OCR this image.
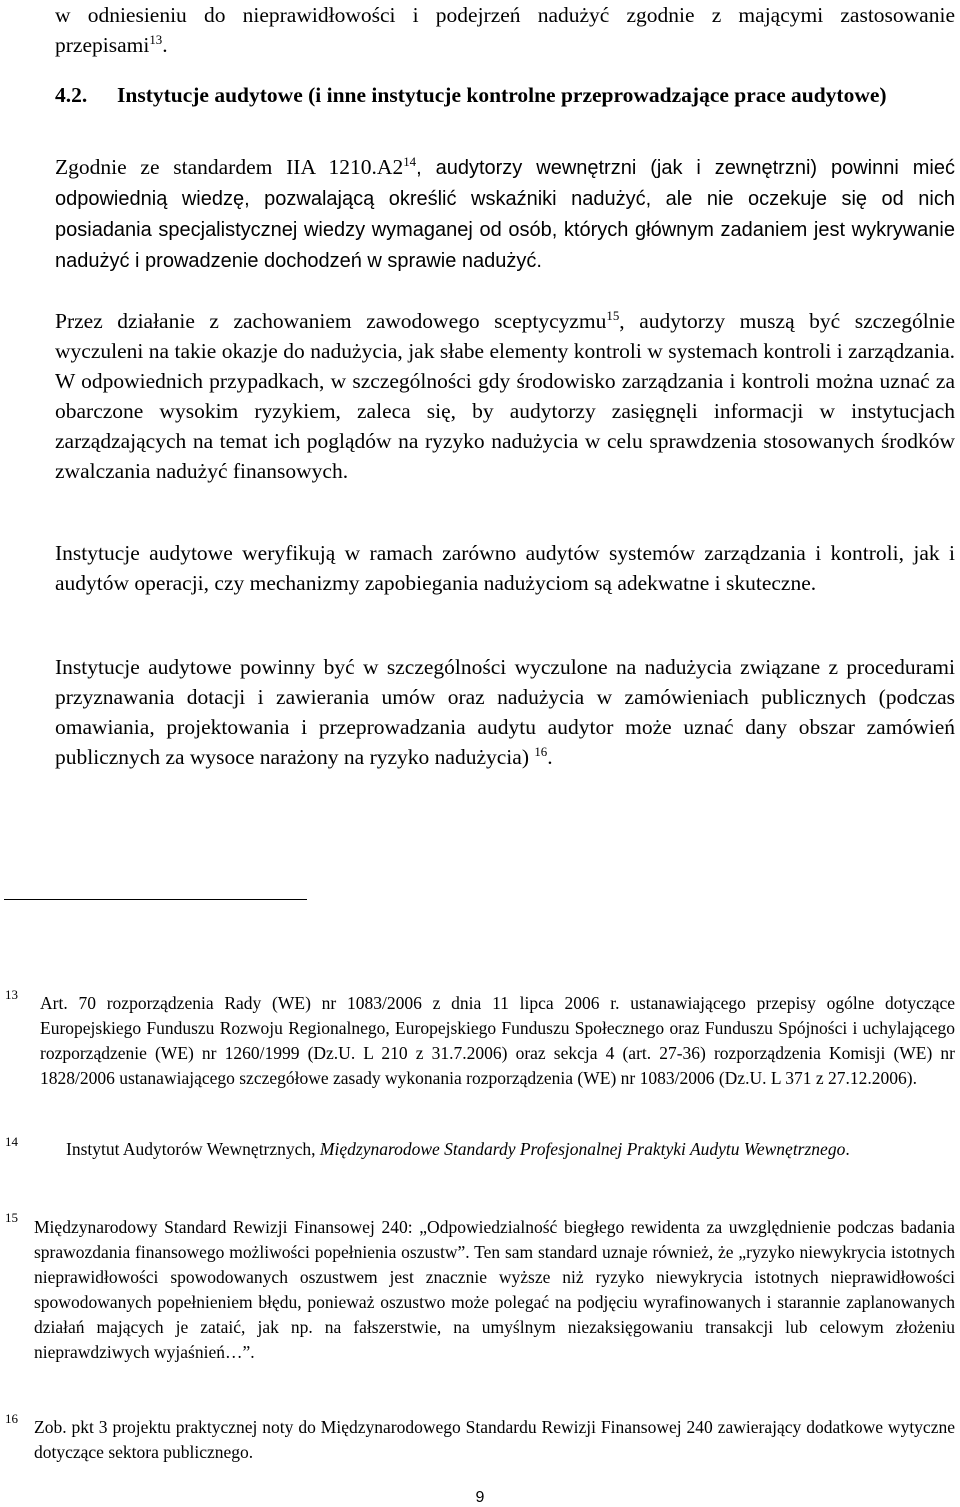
w odniesieniu do nieprawidłowości i podejrzeń nadużyć zgodnie z mającymi zastosowanie przepisami$^{13}$.

4.2. Instytucje audytowe (i inne instytucje kontrolne przeprowadzające prace audytowe)

Zgodnie ze standardem IIA $1210.A2^{14}$, audytorzy wewnętrzni (jak i zewnętrzni) powinni mieć odpowiednią wiedzę, pozwalającą określić wskaźniki nadużyć, ale nie oczekuje się od nich posiadania specjalistycznej wiedzy wymaganej od osób, których głównym zadaniem jest wykrywanie nadużyć i prowadzenie dochodzeń w sprawie nadużyć.

Przez działanie z zachowaniem zawodowego sceptycyzmu$^{15}$, audytorzy muszą być szczególnie wyczuleni na takie okazje do nadużycia, jak słabe elementy kontroli w systemach kontroli i zarządzania. W odpowiednich przypadkach, w szczególności gdy środowisko zarządzania i kontroli można uznać za obarczone wysokim ryzykiem, zaleca się, by audytorzy zasięgnęli informacji w instytucjach zarządzających na temat ich poglądów na ryzyko nadużycia w celu sprawdzenia stosowanych środków zwalczania nadużyć finansowych.

Instytucje audytowe weryfikują w ramach zarówno audytów systemów zarządzania i kontroli, jak i audytów operacji, czy mechanizmy zapobiegania nadużyciom są adekwatne i skuteczne.

Instytucje audytowe powinny być w szczególności wyczulone na nadużycia związane z procedurami przyznawania dotacji i zawierania umów oraz nadużycia w zamówieniach publicznych (podczas omawiania, projektowania i przeprowadzania audytu audytor może uznać dany obszar zamówień publicznych za wysoce narażony na ryzyko nadużycia) $^{16}$.

13 Art. 70 rozporządzenia Rady (WE) nr 1083/2006 z dnia 11 lipca 2006 r. ustanawiającego przepisy ogólne dotyczące Europejskiego Funduszu Rozwoju Regionalnego, Europejskiego Funduszu Społecznego oraz Funduszu Spójności i uchylającego rozporządzenie (WE) nr 1260/1999 (Dz.U. L 210 z 31.7.2006) oraz sekcja 4 (art. 27-36) rozporządzenia Komisji (WE) nr 1828/2006 ustanawiającego szczegółowe zasady wykonania rozporządzenia (WE) nr 1083/2006 (Dz.U. L 371 z 27.12.2006).

14	Instytut Audytorów Wewnętrznych, Międzynarodowe Standardy Profesjonalnej Praktyki Audytu Wewnętrznego.

15 Międzynarodowy Standard Rewizji Finansowej 240: „Odpowiedzialność biegłego rewidenta za uwzględnienie podczas badania sprawozdania finansowego możliwości popełnienia oszustw”. Ten sam standard uznaje również, że „ryzyko niewykrycia istotnych nieprawidłowości spowodowanych oszustwem jest znacznie wyższe niż ryzyko niewykrycia istotnych nieprawidłowości spowodowanych popełnieniem błędu, ponieważ oszustwo może polegać na podjęciu wyrafinowanych i starannie zaplanowanych działań mających je zataić, jak np. na fałszerstwie, na umyślnym niezaksięgowaniu transakcji lub celowym złożeniu nieprawdziwych wyjaśnień…”.

16 Zob. pkt 3 projektu praktycznej noty do Międzynarodowego Standardu Rewizji Finansowej 240 zawierający dodatkowe wytyczne dotyczące sektora publicznego.

9
